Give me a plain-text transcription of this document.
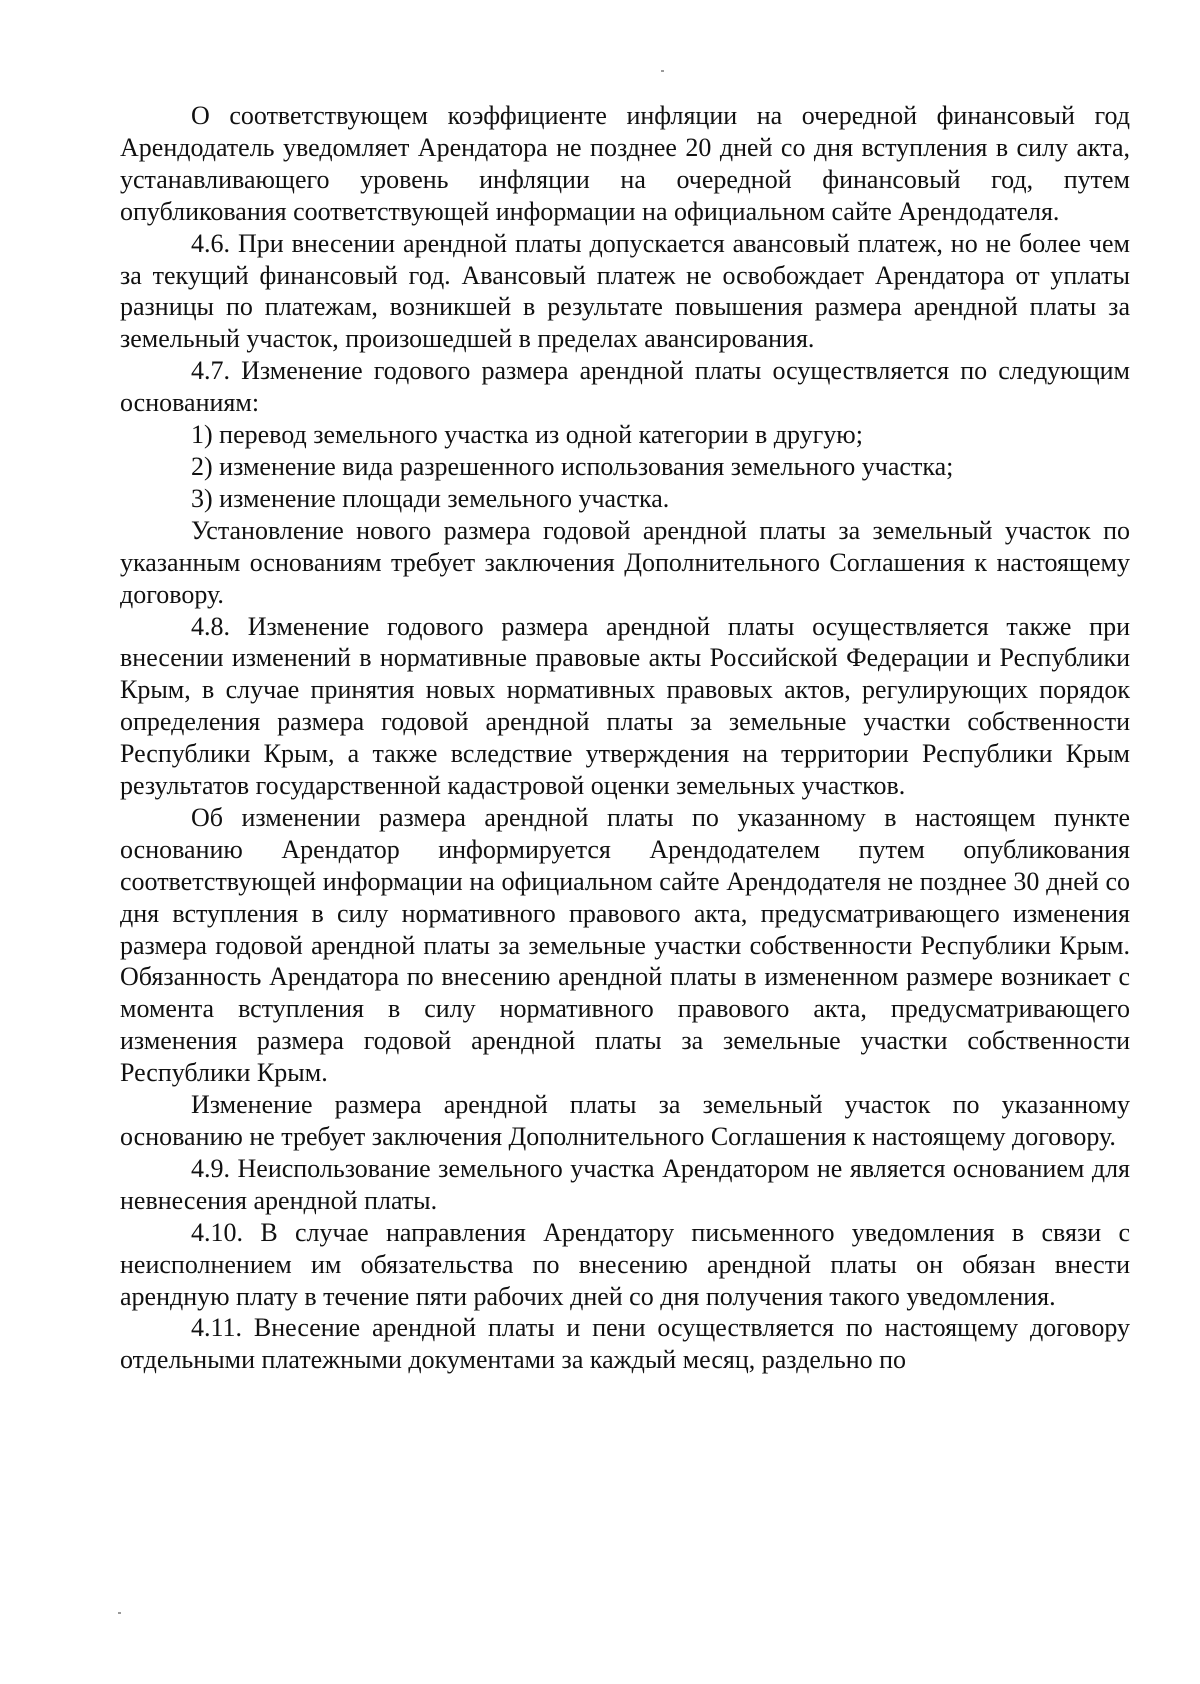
О соответствующем коэффициенте инфляции на очередной финансовый год Арендодатель уведомляет Арендатора не позднее 20 дней со дня вступления в силу акта, устанавливающего уровень инфляции на очередной финансовый год, путем опубликования соответствующей информации на официальном сайте Арендодателя.

4.6. При внесении арендной платы допускается авансовый платеж, но не более чем за текущий финансовый год. Авансовый платеж не освобождает Арендатора от уплаты разницы по платежам, возникшей в результате повышения размера арендной платы за земельный участок, произошедшей в пределах авансирования.

4.7. Изменение годового размера арендной платы осуществляется по следующим основаниям:

1) перевод земельного участка из одной категории в другую;

2) изменение вида разрешенного использования земельного участка;

3) изменение площади земельного участка.

Установление нового размера годовой арендной платы за земельный участок по указанным основаниям требует заключения Дополнительного Соглашения к настоящему договору.

4.8. Изменение годового размера арендной платы осуществляется также при внесении изменений в нормативные правовые акты Российской Федерации и Республики Крым, в случае принятия новых нормативных правовых актов, регулирующих порядок определения размера годовой арендной платы за земельные участки собственности Республики Крым, а также вследствие утверждения на территории Республики Крым результатов государственной кадастровой оценки земельных участков.

Об изменении размера арендной платы по указанному в настоящем пункте основанию Арендатор информируется Арендодателем путем опубликования соответствующей информации на официальном сайте Арендодателя не позднее 30 дней со дня вступления в силу нормативного правового акта, предусматривающего изменения размера годовой арендной платы за земельные участки собственности Республики Крым. Обязанность Арендатора по внесению арендной платы в измененном размере возникает с момента вступления в силу нормативного правового акта, предусматривающего изменения размера годовой арендной платы за земельные участки собственности Республики Крым.

Изменение размера арендной платы за земельный участок по указанному основанию не требует заключения Дополнительного Соглашения к настоящему договору.

4.9. Неиспользование земельного участка Арендатором не является основанием для невнесения арендной платы.

4.10. В случае направления Арендатору письменного уведомления в связи с неисполнением им обязательства по внесению арендной платы он обязан внести арендную плату в течение пяти рабочих дней со дня получения такого уведомления.

4.11. Внесение арендной платы и пени осуществляется по настоящему договору отдельными платежными документами за каждый месяц, раздельно по
